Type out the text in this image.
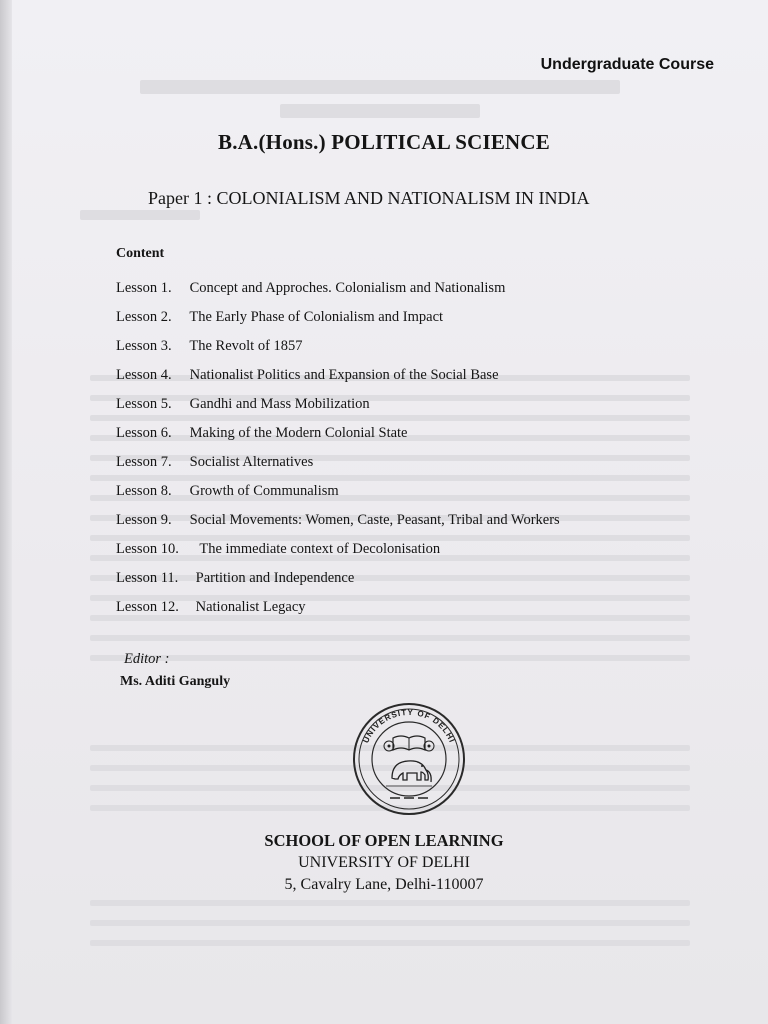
Undergraduate Course
B.A.(Hons.) POLITICAL SCIENCE
Paper 1 : COLONIALISM AND NATIONALISM IN INDIA
Content
Lesson 1. Concept and Approches. Colonialism and Nationalism
Lesson 2. The Early Phase of Colonialism and Impact
Lesson 3. The Revolt of 1857
Lesson 4. Nationalist Politics and Expansion of the Social Base
Lesson 5. Gandhi and Mass Mobilization
Lesson 6. Making of the Modern Colonial State
Lesson 7. Socialist Alternatives
Lesson 8. Growth of Communalism
Lesson 9. Social Movements: Women, Caste, Peasant, Tribal and Workers
Lesson 10. The immediate context of Decolonisation
Lesson 11. Partition and Independence
Lesson 12. Nationalist Legacy
Editor :
Ms. Aditi Ganguly
UNIVERSITY OF DELHI
SCHOOL OF OPEN LEARNING
UNIVERSITY OF DELHI
5, Cavalry Lane, Delhi-110007
